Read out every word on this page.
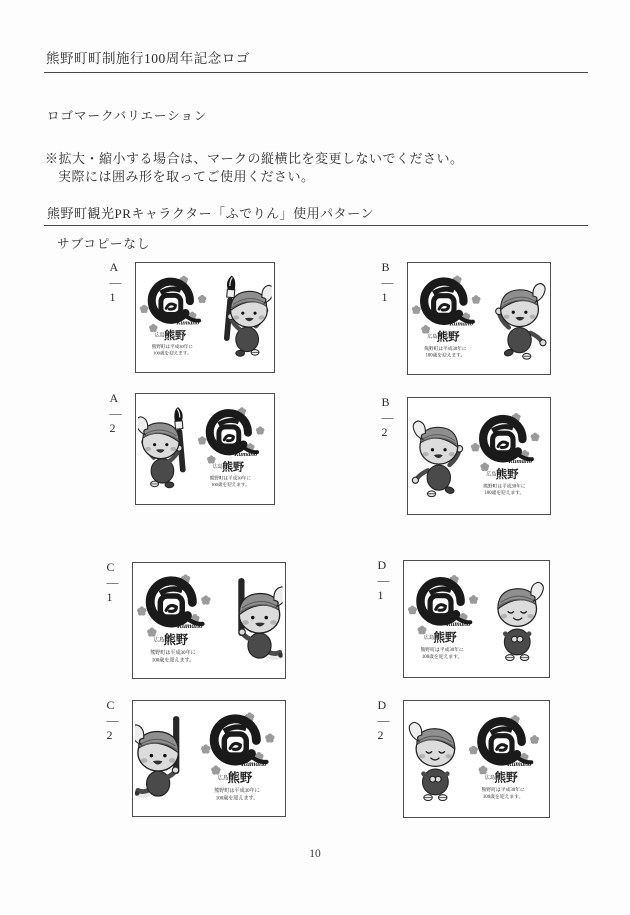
熊野町町制施行100周年記念ロゴ
ロゴマークバリエーション
※拡大・縮小する場合は、マークの縦横比を変更しないでください。
実際には囲み形を取ってご使用ください。
熊野町観光PRキャラクター「ふでりん」使用パターン
サブコピーなし
A—1
B—1
A—2
B—2
C—1
D—1
C—2
D—2
10
